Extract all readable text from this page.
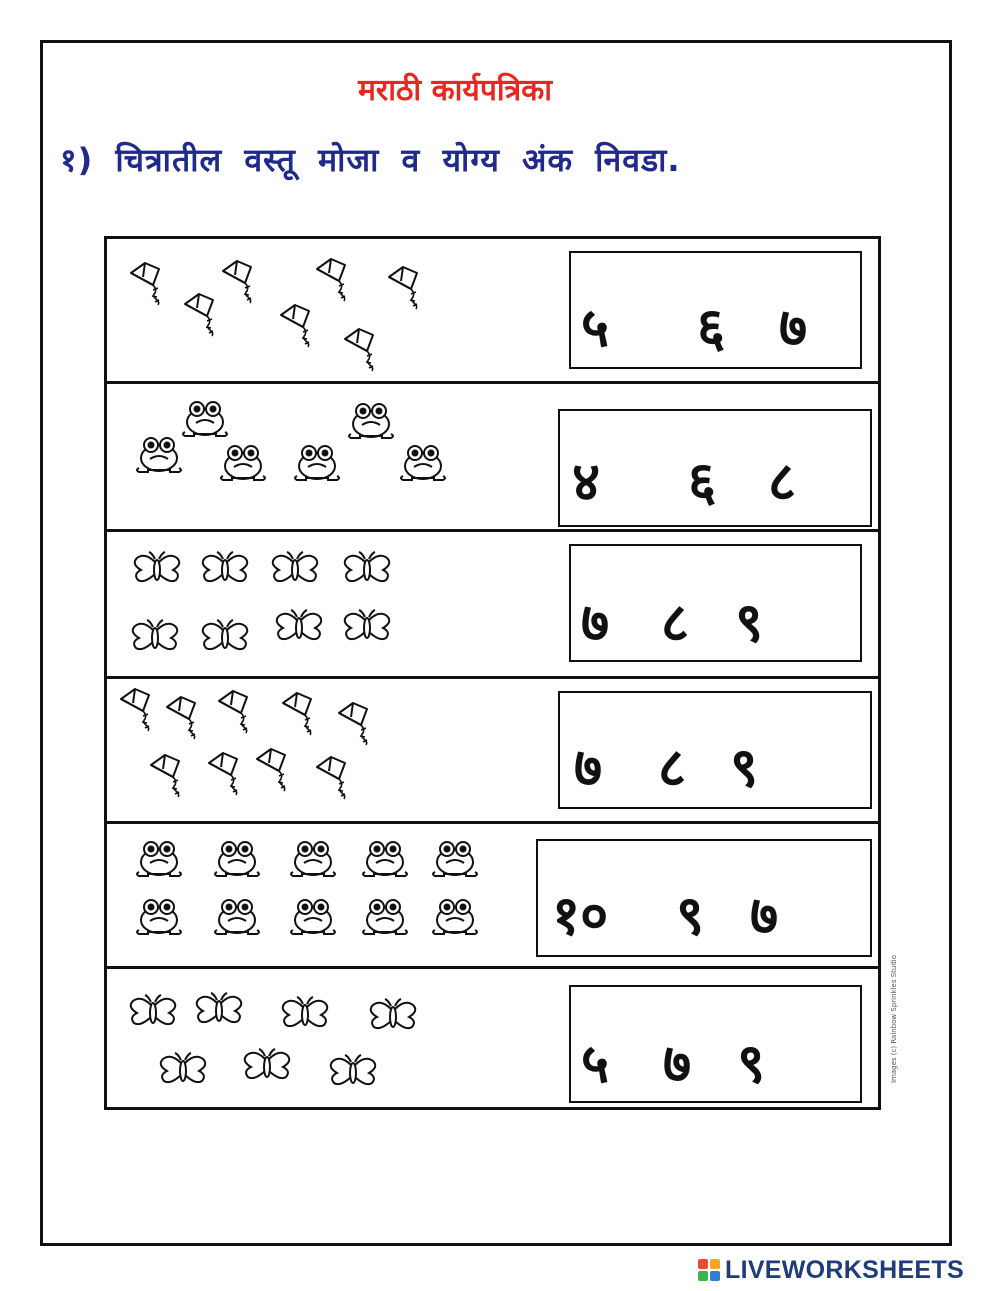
मराठी कार्यपत्रिका
१) चित्रातील वस्तू मोजा व योग्य अंक निवडा.
५ ६ ७
४ ६ ८
७ ८ ९
७ ८ ९
१० ९ ७
५ ७ ९	Images (c) Rainbow Sprinkles Studio
LIVEWORKSHEETS
